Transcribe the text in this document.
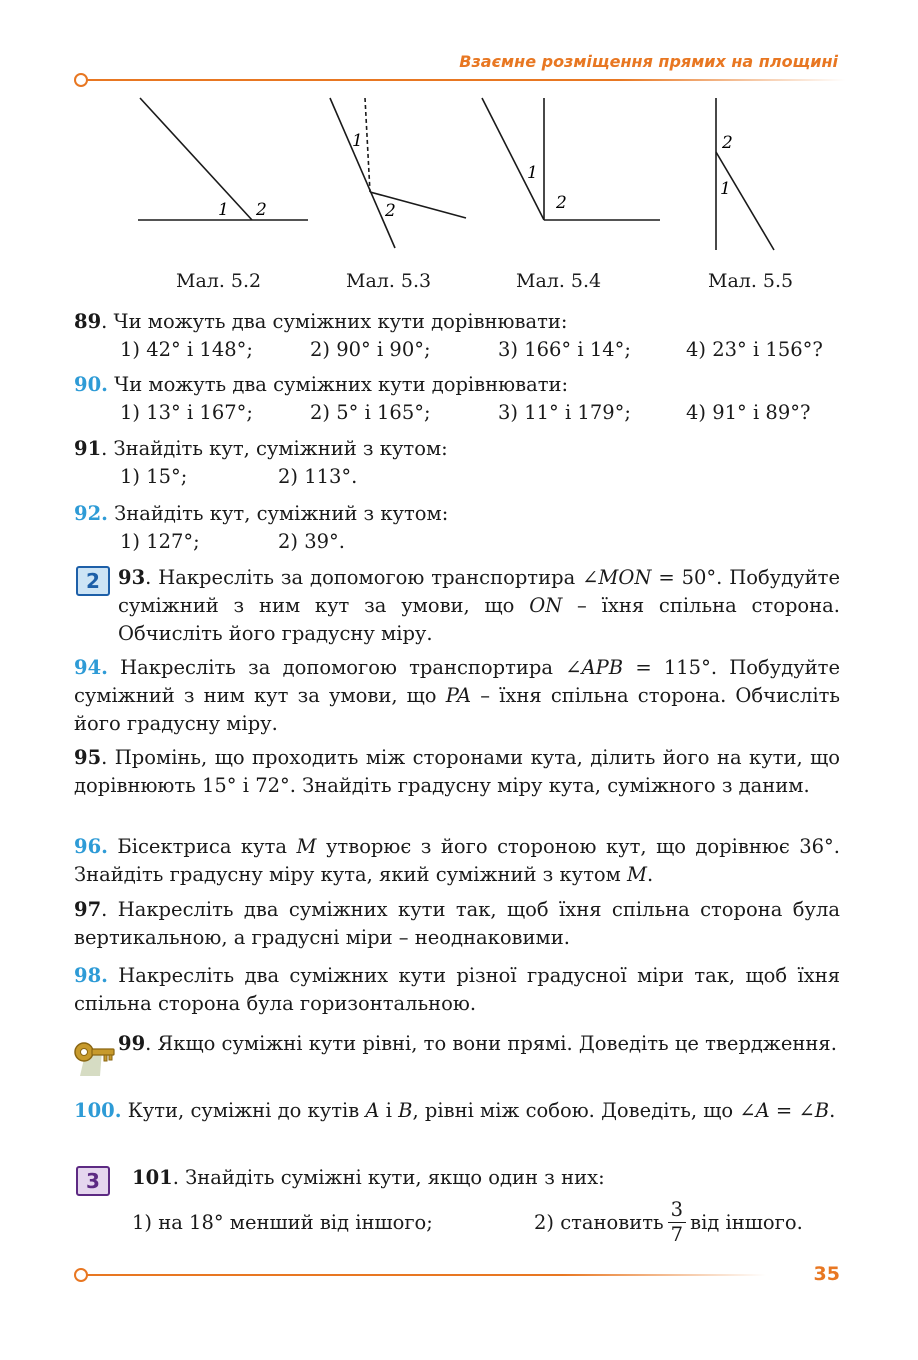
Взаємне розміщення прямих на площині
1 2
1
2
1
2
2
1
Мал. 5.2	Мал. 5.3	Мал. 5.4	Мал. 5.5
89. Чи можуть два суміжних кути дорівнювати:
1) 42° і 148°;	2) 90° і 90°;	3) 166° і 14°;	4) 23° і 156°?
90. Чи можуть два суміжних кути дорівнювати:
1) 13° і 167°;	2) 5° і 165°;	3) 11° і 179°;	4) 91° і 89°?
91. Знайдіть кут, суміжний з кутом:
1) 15°;	2) 113°.
92. Знайдіть кут, суміжний з кутом:
1) 127°;	2) 39°.
2 93. Накресліть за допомогою транспортира ∠MON = 50°. Побудуйте суміжний з ним кут за умови, що ON – їхня спільна сторона. Обчисліть його градусну міру.
94. Накресліть за допомогою транспортира ∠APB = 115°. Побудуйте суміжний з ним кут за умови, що PA – їхня спільна сторона. Обчисліть його градусну міру.
95. Промінь, що проходить між сторонами кута, ділить його на кути, що дорівнюють 15° і 72°. Знайдіть градусну міру кута, суміжного з даним.
96. Бісектриса кута M утворює з його стороною кут, що дорівнює 36°. Знайдіть градусну міру кута, який суміжний з кутом M.
97. Накресліть два суміжних кути так, щоб їхня спільна сторона була вертикальною, а градусні міри – неоднаковими.
98. Накресліть два суміжних кути різної градусної міри так, щоб їхня спільна сторона була горизонтальною.
99. Якщо суміжні кути рівні, то вони прямі. Доведіть це твердження.
100. Кути, суміжні до кутів A і B, рівні між собою. Доведіть, що ∠A = ∠B.
3	101. Знайдіть суміжні кути, якщо один з них:
1) на 18° менший від іншого;	2) становить $\frac{3}{7}$ від іншого.
35
